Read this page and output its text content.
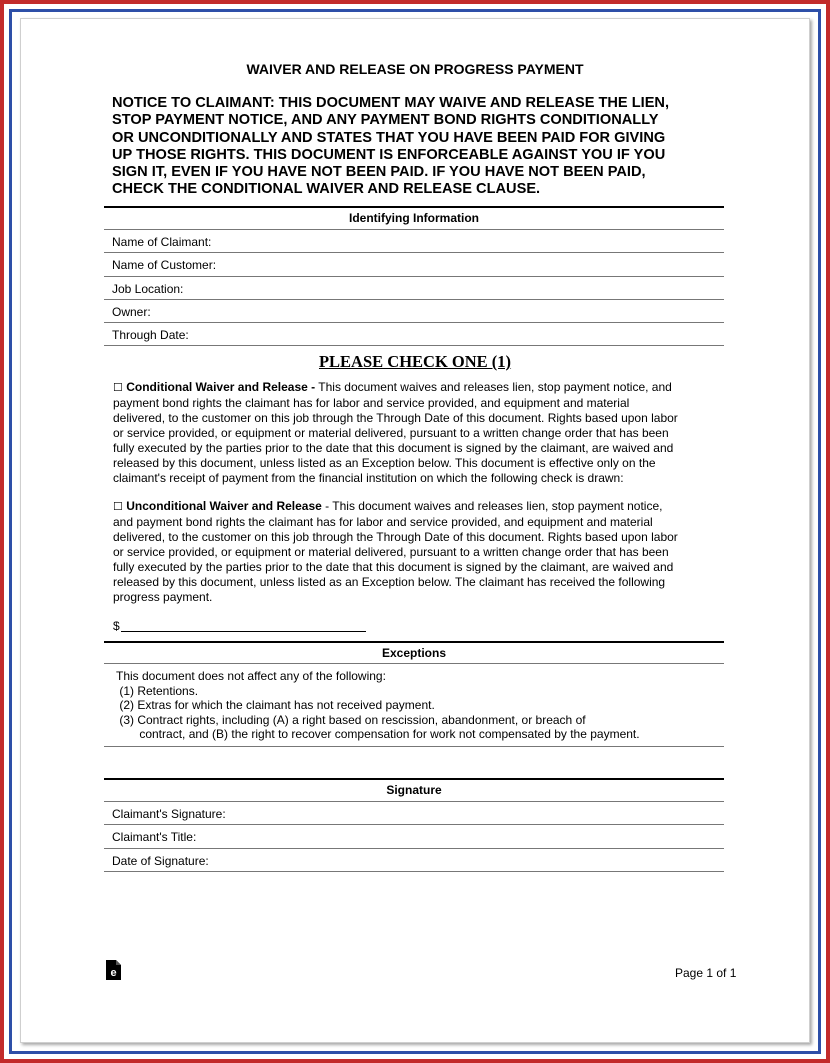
WAIVER AND RELEASE ON PROGRESS PAYMENT
NOTICE TO CLAIMANT: THIS DOCUMENT MAY WAIVE AND RELEASE THE LIEN,
STOP PAYMENT NOTICE, AND ANY PAYMENT BOND RIGHTS CONDITIONALLY
OR UNCONDITIONALLY AND STATES THAT YOU HAVE BEEN PAID FOR GIVING
UP THOSE RIGHTS. THIS DOCUMENT IS ENFORCEABLE AGAINST YOU IF YOU
SIGN IT, EVEN IF YOU HAVE NOT BEEN PAID. IF YOU HAVE NOT BEEN PAID,
CHECK THE CONDITIONAL WAIVER AND RELEASE CLAUSE.
Identifying Information
Name of Claimant:
Name of Customer:
Job Location:
Owner:
Through Date:
PLEASE CHECK ONE (1)
☐ Conditional Waiver and Release - This document waives and releases lien, stop payment notice, and
payment bond rights the claimant has for labor and service provided, and equipment and material
delivered, to the customer on this job through the Through Date of this document. Rights based upon labor
or service provided, or equipment or material delivered, pursuant to a written change order that has been
fully executed by the parties prior to the date that this document is signed by the claimant, are waived and
released by this document, unless listed as an Exception below. This document is effective only on the
claimant's receipt of payment from the financial institution on which the following check is drawn:
☐ Unconditional Waiver and Release - This document waives and releases lien, stop payment notice,
and payment bond rights the claimant has for labor and service provided, and equipment and material
delivered, to the customer on this job through the Through Date of this document. Rights based upon labor
or service provided, or equipment or material delivered, pursuant to a written change order that has been
fully executed by the parties prior to the date that this document is signed by the claimant, are waived and
released by this document, unless listed as an Exception below. The claimant has received the following
progress payment.
$
Exceptions
This document does not affect any of the following:
(1) Retentions.
(2) Extras for which the claimant has not received payment.
(3) Contract rights, including (A) a right based on rescission, abandonment, or breach of
contract, and (B) the right to recover compensation for work not compensated by the payment.
Signature
Claimant's Signature:
Claimant's Title:
Date of Signature:
e	Page 1 of 1
